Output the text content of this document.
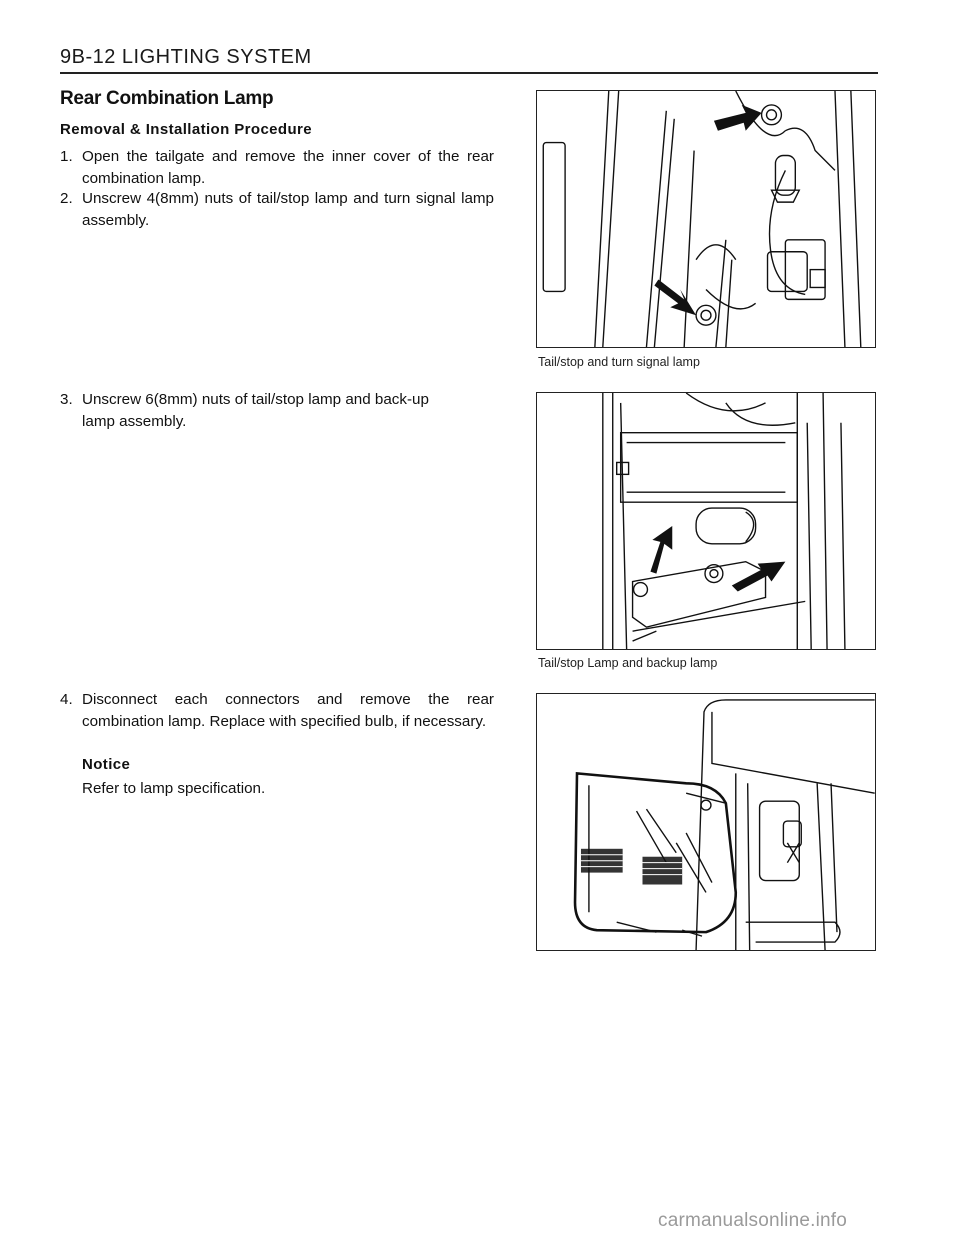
9B-12 LIGHTING SYSTEM
Rear Combination Lamp
Removal & Installation Procedure
1. Open the tailgate and remove the inner cover of the rear combination lamp.
2. Unscrew 4(8mm) nuts of tail/stop lamp and turn signal lamp assembly.
3. Unscrew 6(8mm) nuts of tail/stop lamp and back-up lamp assembly.
4. Disconnect each connectors and remove the rear combination lamp. Replace with specified bulb, if necessary.
Notice
Refer to lamp specification.
Tail/stop and turn signal lamp
Tail/stop Lamp and backup lamp
carmanualsonline.info
